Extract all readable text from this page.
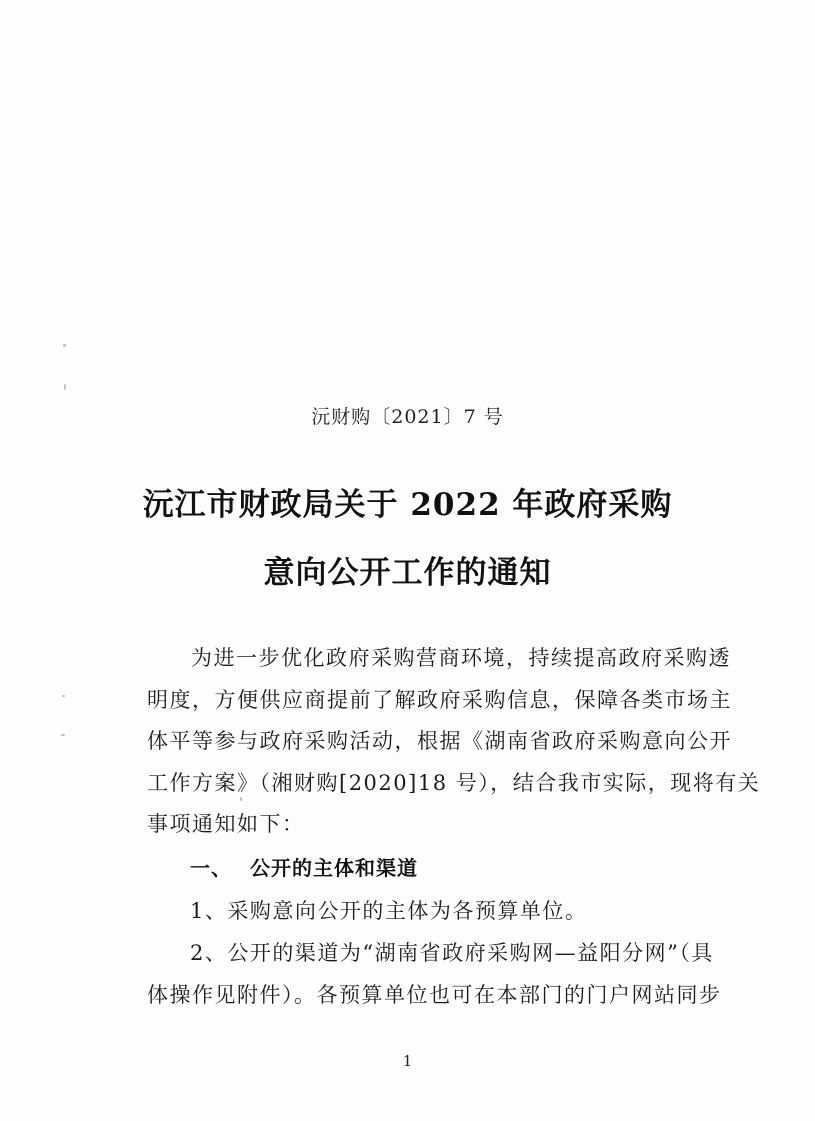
沅财购〔2021〕7 号
沅江市财政局关于 2022 年政府采购
意向公开工作的通知
为进一步优化政府采购营商环境，持续提高政府采购透
明度，方便供应商提前了解政府采购信息，保障各类市场主
体平等参与政府采购活动，根据《湖南省政府采购意向公开
工作方案》（湘财购[2020]18 号），结合我市实际，现将有关
事项通知如下：
一、 公开的主体和渠道
1、采购意向公开的主体为各预算单位。
2、公开的渠道为“湖南省政府采购网—益阳分网”（具
体操作见附件）。各预算单位也可在本部门的门户网站同步
1
